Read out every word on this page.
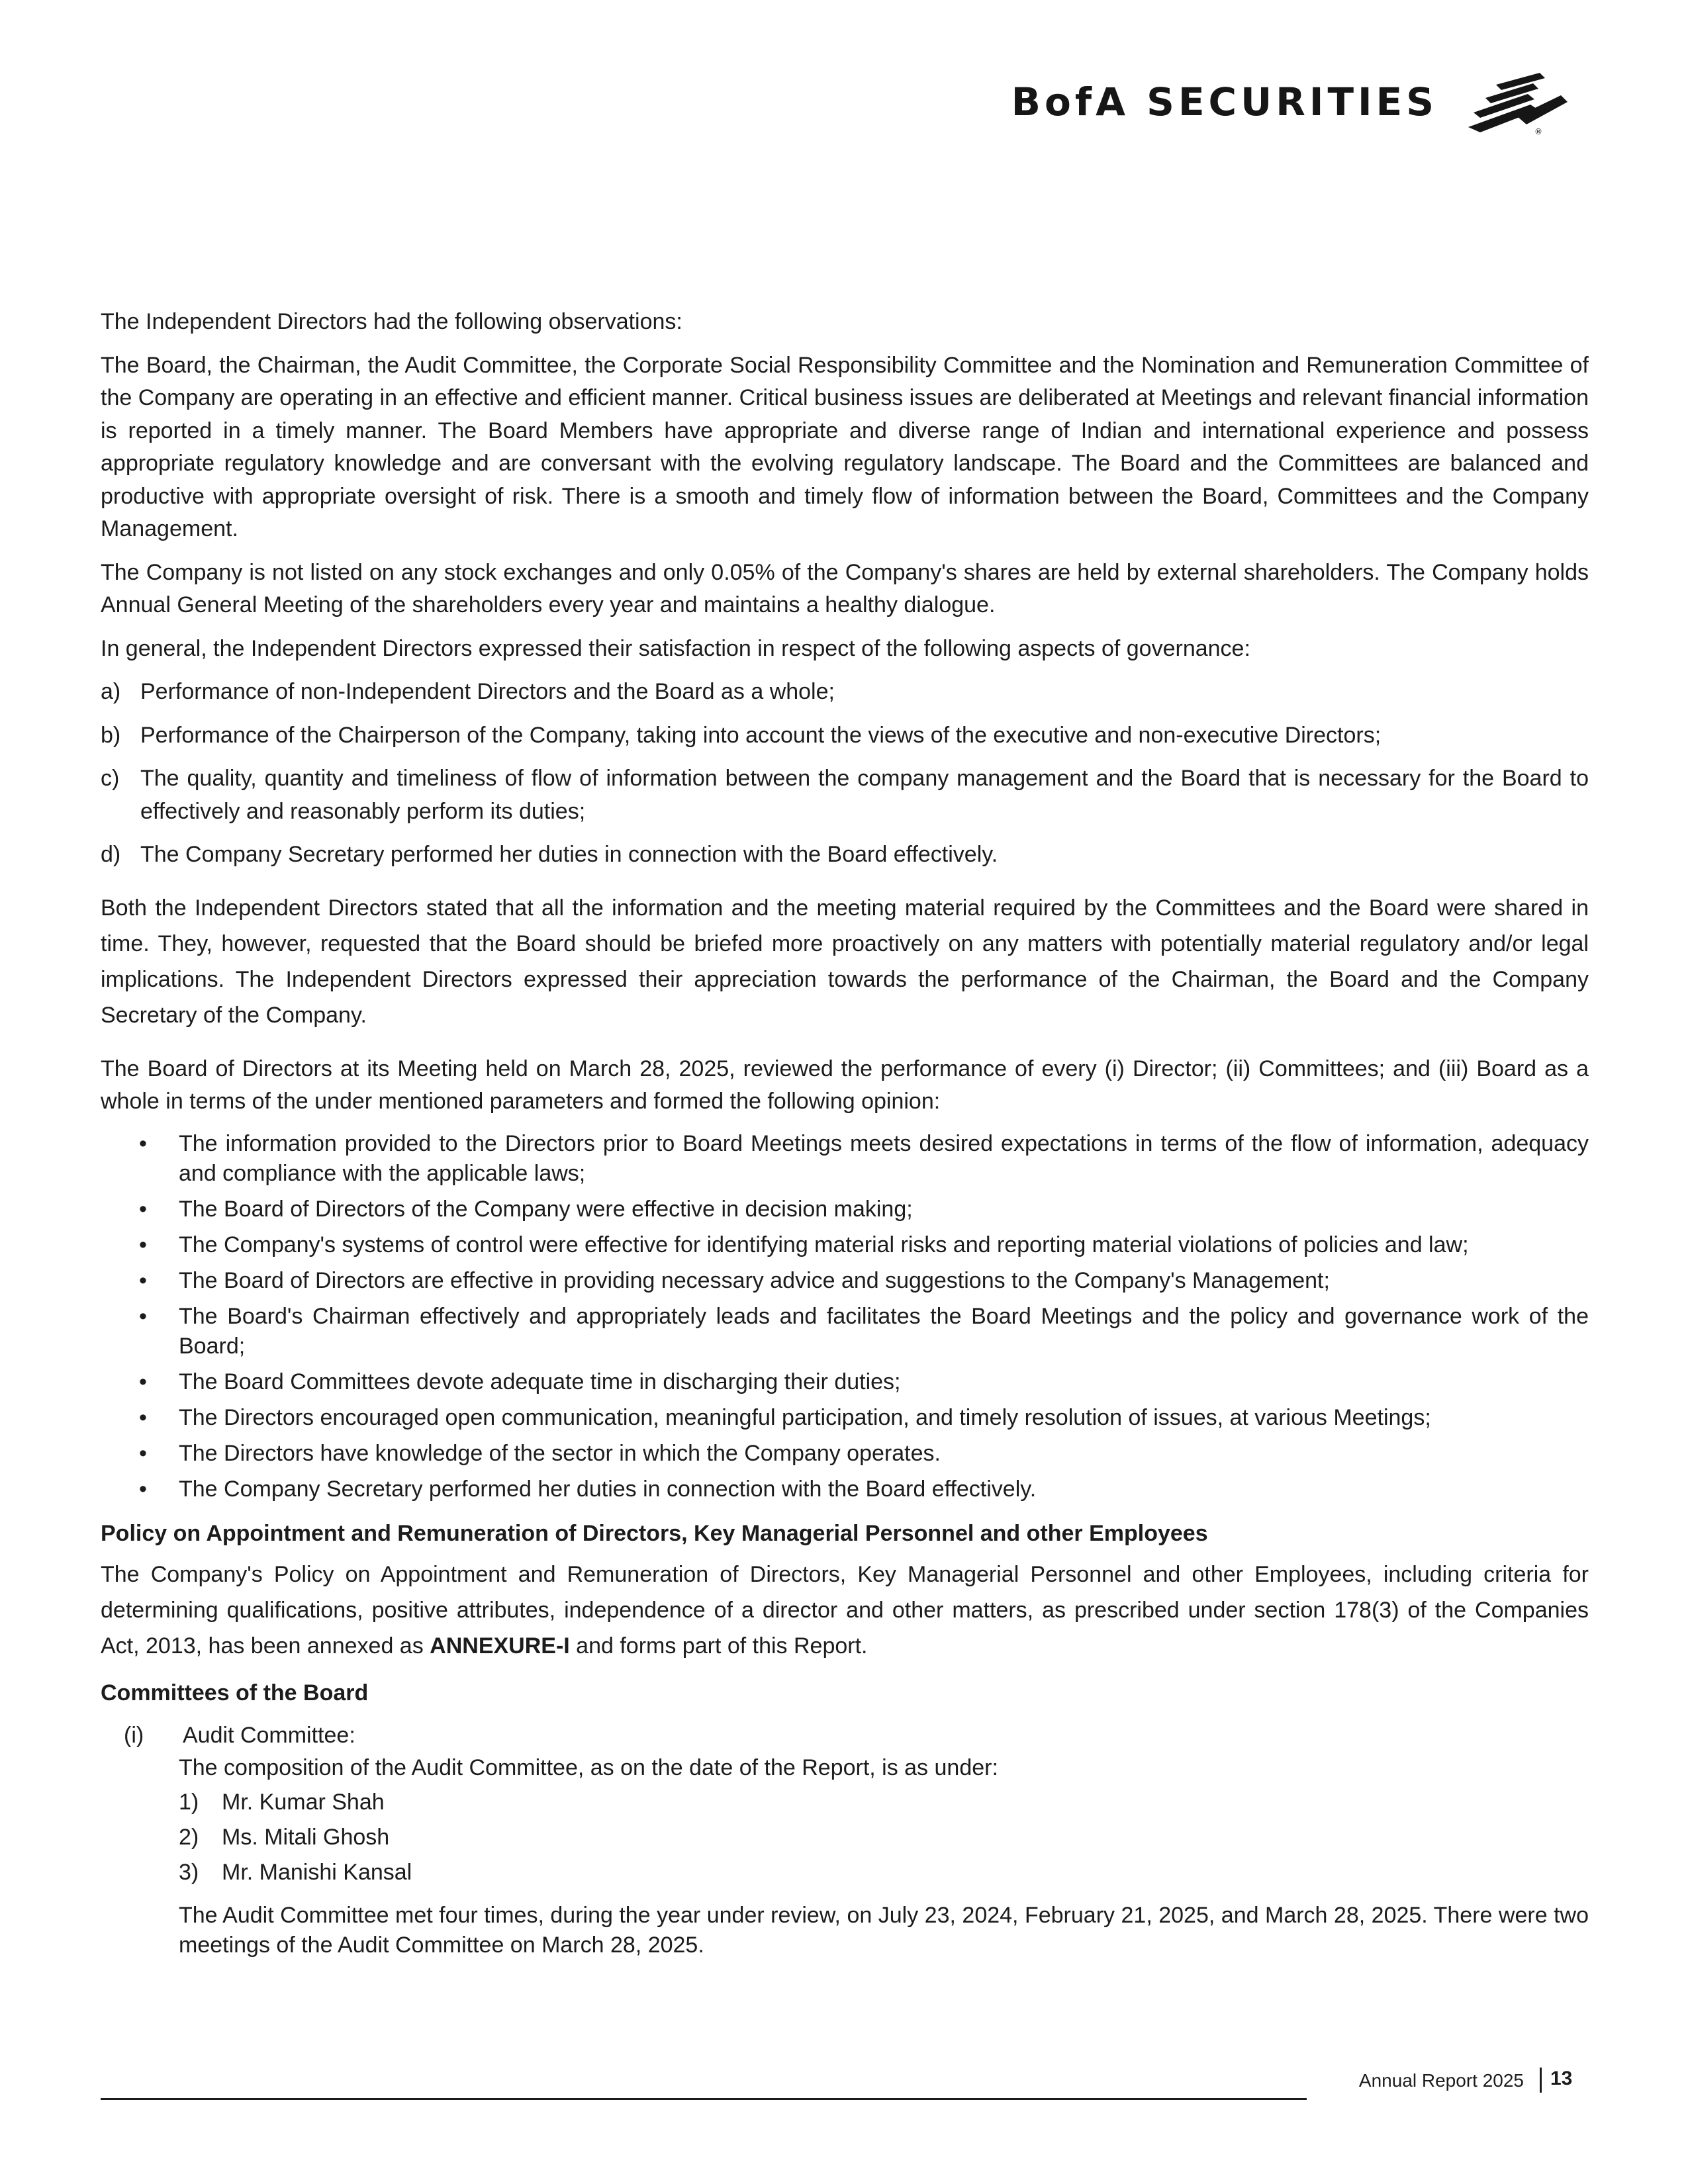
BofA SECURITIES
®

The Independent Directors had the following observations:

The Board, the Chairman, the Audit Committee, the Corporate Social Responsibility Committee and the Nomination and Remuneration Committee of the Company are operating in an effective and efficient manner. Critical business issues are deliberated at Meetings and relevant financial information is reported in a timely manner. The Board Members have appropriate and diverse range of Indian and international experience and possess appropriate regulatory knowledge and are conversant with the evolving regulatory landscape. The Board and the Committees are balanced and productive with appropriate oversight of risk. There is a smooth and timely flow of information between the Board, Committees and the Company Management.

The Company is not listed on any stock exchanges and only 0.05% of the Company's shares are held by external shareholders. The Company holds Annual General Meeting of the shareholders every year and maintains a healthy dialogue.

In general, the Independent Directors expressed their satisfaction in respect of the following aspects of governance:

a) Performance of non-Independent Directors and the Board as a whole;
b) Performance of the Chairperson of the Company, taking into account the views of the executive and non-executive Directors;
c) The quality, quantity and timeliness of flow of information between the company management and the Board that is necessary for the Board to effectively and reasonably perform its duties;
d) The Company Secretary performed her duties in connection with the Board effectively.

Both the Independent Directors stated that all the information and the meeting material required by the Committees and the Board were shared in time. They, however, requested that the Board should be briefed more proactively on any matters with potentially material regulatory and/or legal implications. The Independent Directors expressed their appreciation towards the performance of the Chairman, the Board and the Company Secretary of the Company.

The Board of Directors at its Meeting held on March 28, 2025, reviewed the performance of every (i) Director; (ii) Committees; and (iii) Board as a whole in terms of the under mentioned parameters and formed the following opinion:

• The information provided to the Directors prior to Board Meetings meets desired expectations in terms of the flow of information, adequacy and compliance with the applicable laws;
• The Board of Directors of the Company were effective in decision making;
• The Company's systems of control were effective for identifying material risks and reporting material violations of policies and law;
• The Board of Directors are effective in providing necessary advice and suggestions to the Company's Management;
• The Board's Chairman effectively and appropriately leads and facilitates the Board Meetings and the policy and governance work of the Board;
• The Board Committees devote adequate time in discharging their duties;
• The Directors encouraged open communication, meaningful participation, and timely resolution of issues, at various Meetings;
• The Directors have knowledge of the sector in which the Company operates.
• The Company Secretary performed her duties in connection with the Board effectively.
Policy on Appointment and Remuneration of Directors, Key Managerial Personnel and other Employees

The Company's Policy on Appointment and Remuneration of Directors, Key Managerial Personnel and other Employees, including criteria for determining qualifications, positive attributes, independence of a director and other matters, as prescribed under section 178(3) of the Companies Act, 2013, has been annexed as ANNEXURE-I and forms part of this Report.

Committees of the Board
(i) Audit Committee:
The composition of the Audit Committee, as on the date of the Report, is as under:
1) Mr. Kumar Shah
2) Ms. Mitali Ghosh
3) Mr. Manishi Kansal
The Audit Committee met four times, during the year under review, on July 23, 2024, February 21, 2025, and March 28, 2025. There were two meetings of the Audit Committee on March 28, 2025.
Annual Report 2025 13
